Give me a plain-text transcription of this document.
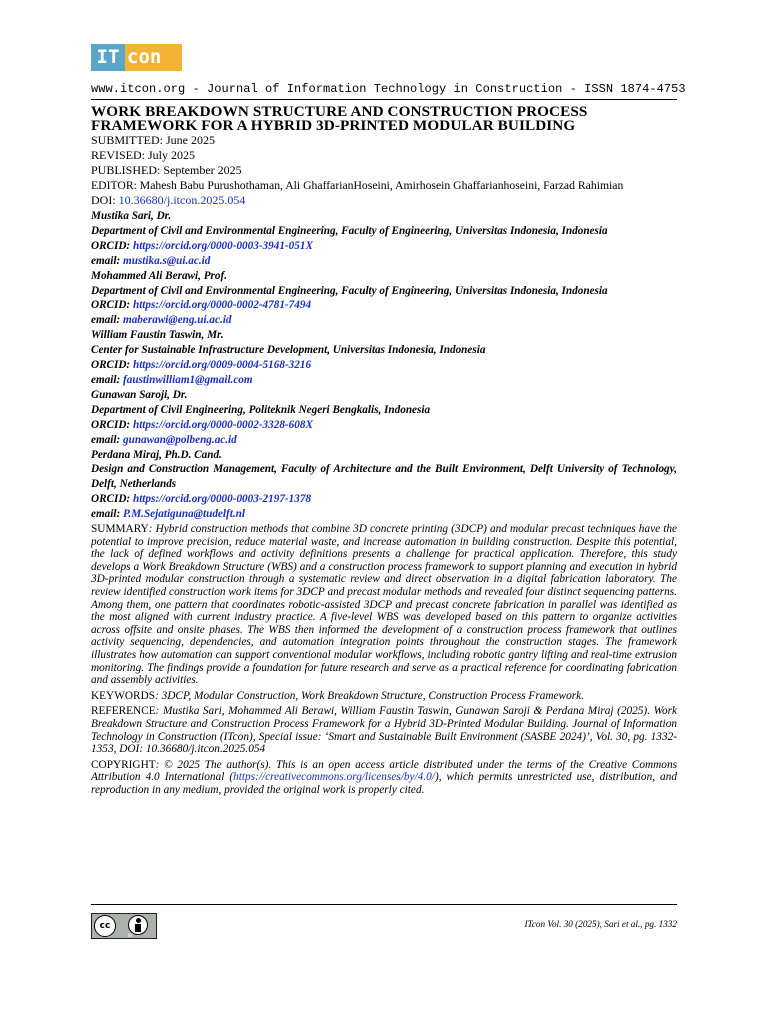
IT con
www.itcon.org - Journal of Information Technology in Construction - ISSN 1874-4753
WORK BREAKDOWN STRUCTURE AND CONSTRUCTION PROCESS
FRAMEWORK FOR A HYBRID 3D-PRINTED MODULAR BUILDING
SUBMITTED: June 2025
REVISED: July 2025
PUBLISHED: September 2025
EDITOR: Mahesh Babu Purushothaman, Ali GhaffarianHoseini, Amirhosein Ghaffarianhoseini, Farzad Rahimian
DOI: 10.36680/j.itcon.2025.054
Mustika Sari, Dr.
Department of Civil and Environmental Engineering, Faculty of Engineering, Universitas Indonesia, Indonesia
ORCID: https://orcid.org/0000-0003-3941-051X
email: mustika.s@ui.ac.id
Mohammed Ali Berawi, Prof.
Department of Civil and Environmental Engineering, Faculty of Engineering, Universitas Indonesia, Indonesia
ORCID: https://orcid.org/0000-0002-4781-7494
email: maberawi@eng.ui.ac.id
William Faustin Taswin, Mr.
Center for Sustainable Infrastructure Development, Universitas Indonesia, Indonesia
ORCID: https://orcid.org/0009-0004-5168-3216
email: faustinwilliam1@gmail.com
Gunawan Saroji, Dr.
Department of Civil Engineering, Politeknik Negeri Bengkalis, Indonesia
ORCID: https://orcid.org/0000-0002-3328-608X
email: gunawan@polbeng.ac.id
Perdana Miraj, Ph.D. Cand.
Design and Construction Management, Faculty of Architecture and the Built Environment, Delft University of Technology, Delft, Netherlands
ORCID: https://orcid.org/0000-0003-2197-1378
email: P.M.Sejatiguna@tudelft.nl
SUMMARY: Hybrid construction methods that combine 3D concrete printing (3DCP) and modular precast techniques have the potential to improve precision, reduce material waste, and increase automation in building construction. Despite this potential, the lack of defined workflows and activity definitions presents a challenge for practical application. Therefore, this study develops a Work Breakdown Structure (WBS) and a construction process framework to support planning and execution in hybrid 3D-printed modular construction through a systematic review and direct observation in a digital fabrication laboratory. The review identified construction work items for 3DCP and precast modular methods and revealed four distinct sequencing patterns. Among them, one pattern that coordinates robotic-assisted 3DCP and precast concrete fabrication in parallel was identified as the most aligned with current industry practice. A five-level WBS was developed based on this pattern to organize activities across offsite and onsite phases. The WBS then informed the development of a construction process framework that outlines activity sequencing, dependencies, and automation integration points throughout the construction stages. The framework illustrates how automation can support conventional modular workflows, including robotic gantry lifting and real-time extrusion monitoring. The findings provide a foundation for future research and serve as a practical reference for coordinating fabrication and assembly activities.
KEYWORDS: 3DCP, Modular Construction, Work Breakdown Structure, Construction Process Framework.
REFERENCE: Mustika Sari, Mohammed Ali Berawi, William Faustin Taswin, Gunawan Saroji & Perdana Miraj (2025). Work Breakdown Structure and Construction Process Framework for a Hybrid 3D-Printed Modular Building. Journal of Information Technology in Construction (ITcon), Special issue: ‘Smart and Sustainable Built Environment (SASBE 2024)’, Vol. 30, pg. 1332-1353, DOI: 10.36680/j.itcon.2025.054
COPYRIGHT: © 2025 The author(s). This is an open access article distributed under the terms of the Creative Commons Attribution 4.0 International (https://creativecommons.org/licenses/by/4.0/), which permits unrestricted use, distribution, and reproduction in any medium, provided the original work is properly cited.
cc
BY
ITcon Vol. 30 (2025), Sari et al., pg. 1332
